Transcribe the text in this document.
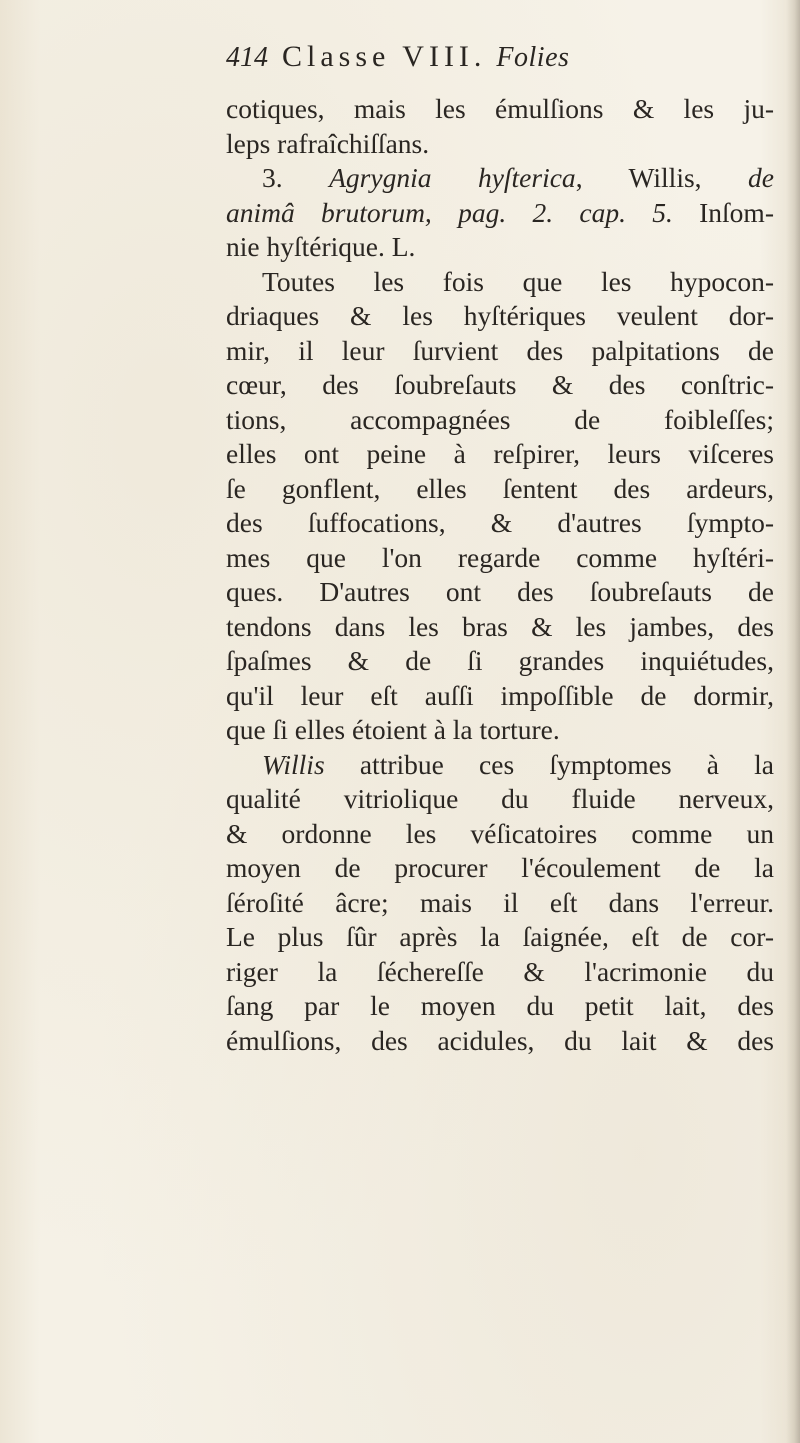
414 Classe VIII. Folies
cotiques, mais les émulſions & les ju-
leps rafraîchiſſans.
3. Agrygnia hyſterica, Willis, de
animâ brutorum, pag. 2. cap. 5. Inſom-
nie hyſtérique. L.
Toutes les fois que les hypocon-
driaques & les hyſtériques veulent dor-
mir, il leur ſurvient des palpitations de
cœur, des ſoubreſauts & des conſtric-
tions, accompagnées de foibleſſes;
elles ont peine à reſpirer, leurs viſceres
ſe gonflent, elles ſentent des ardeurs,
des ſuffocations, & d'autres ſympto-
mes que l'on regarde comme hyſtéri-
ques. D'autres ont des ſoubreſauts de
tendons dans les bras & les jambes, des
ſpaſmes & de ſi grandes inquiétudes,
qu'il leur eſt auſſi impoſſible de dormir,
que ſi elles étoient à la torture.
Willis attribue ces ſymptomes à la
qualité vitriolique du fluide nerveux,
& ordonne les véſicatoires comme un
moyen de procurer l'écoulement de la
ſéroſité âcre; mais il eſt dans l'erreur.
Le plus ſûr après la ſaignée, eſt de cor-
riger la ſéchereſſe & l'acrimonie du
ſang par le moyen du petit lait, des
émulſions, des acidules, du lait & des
